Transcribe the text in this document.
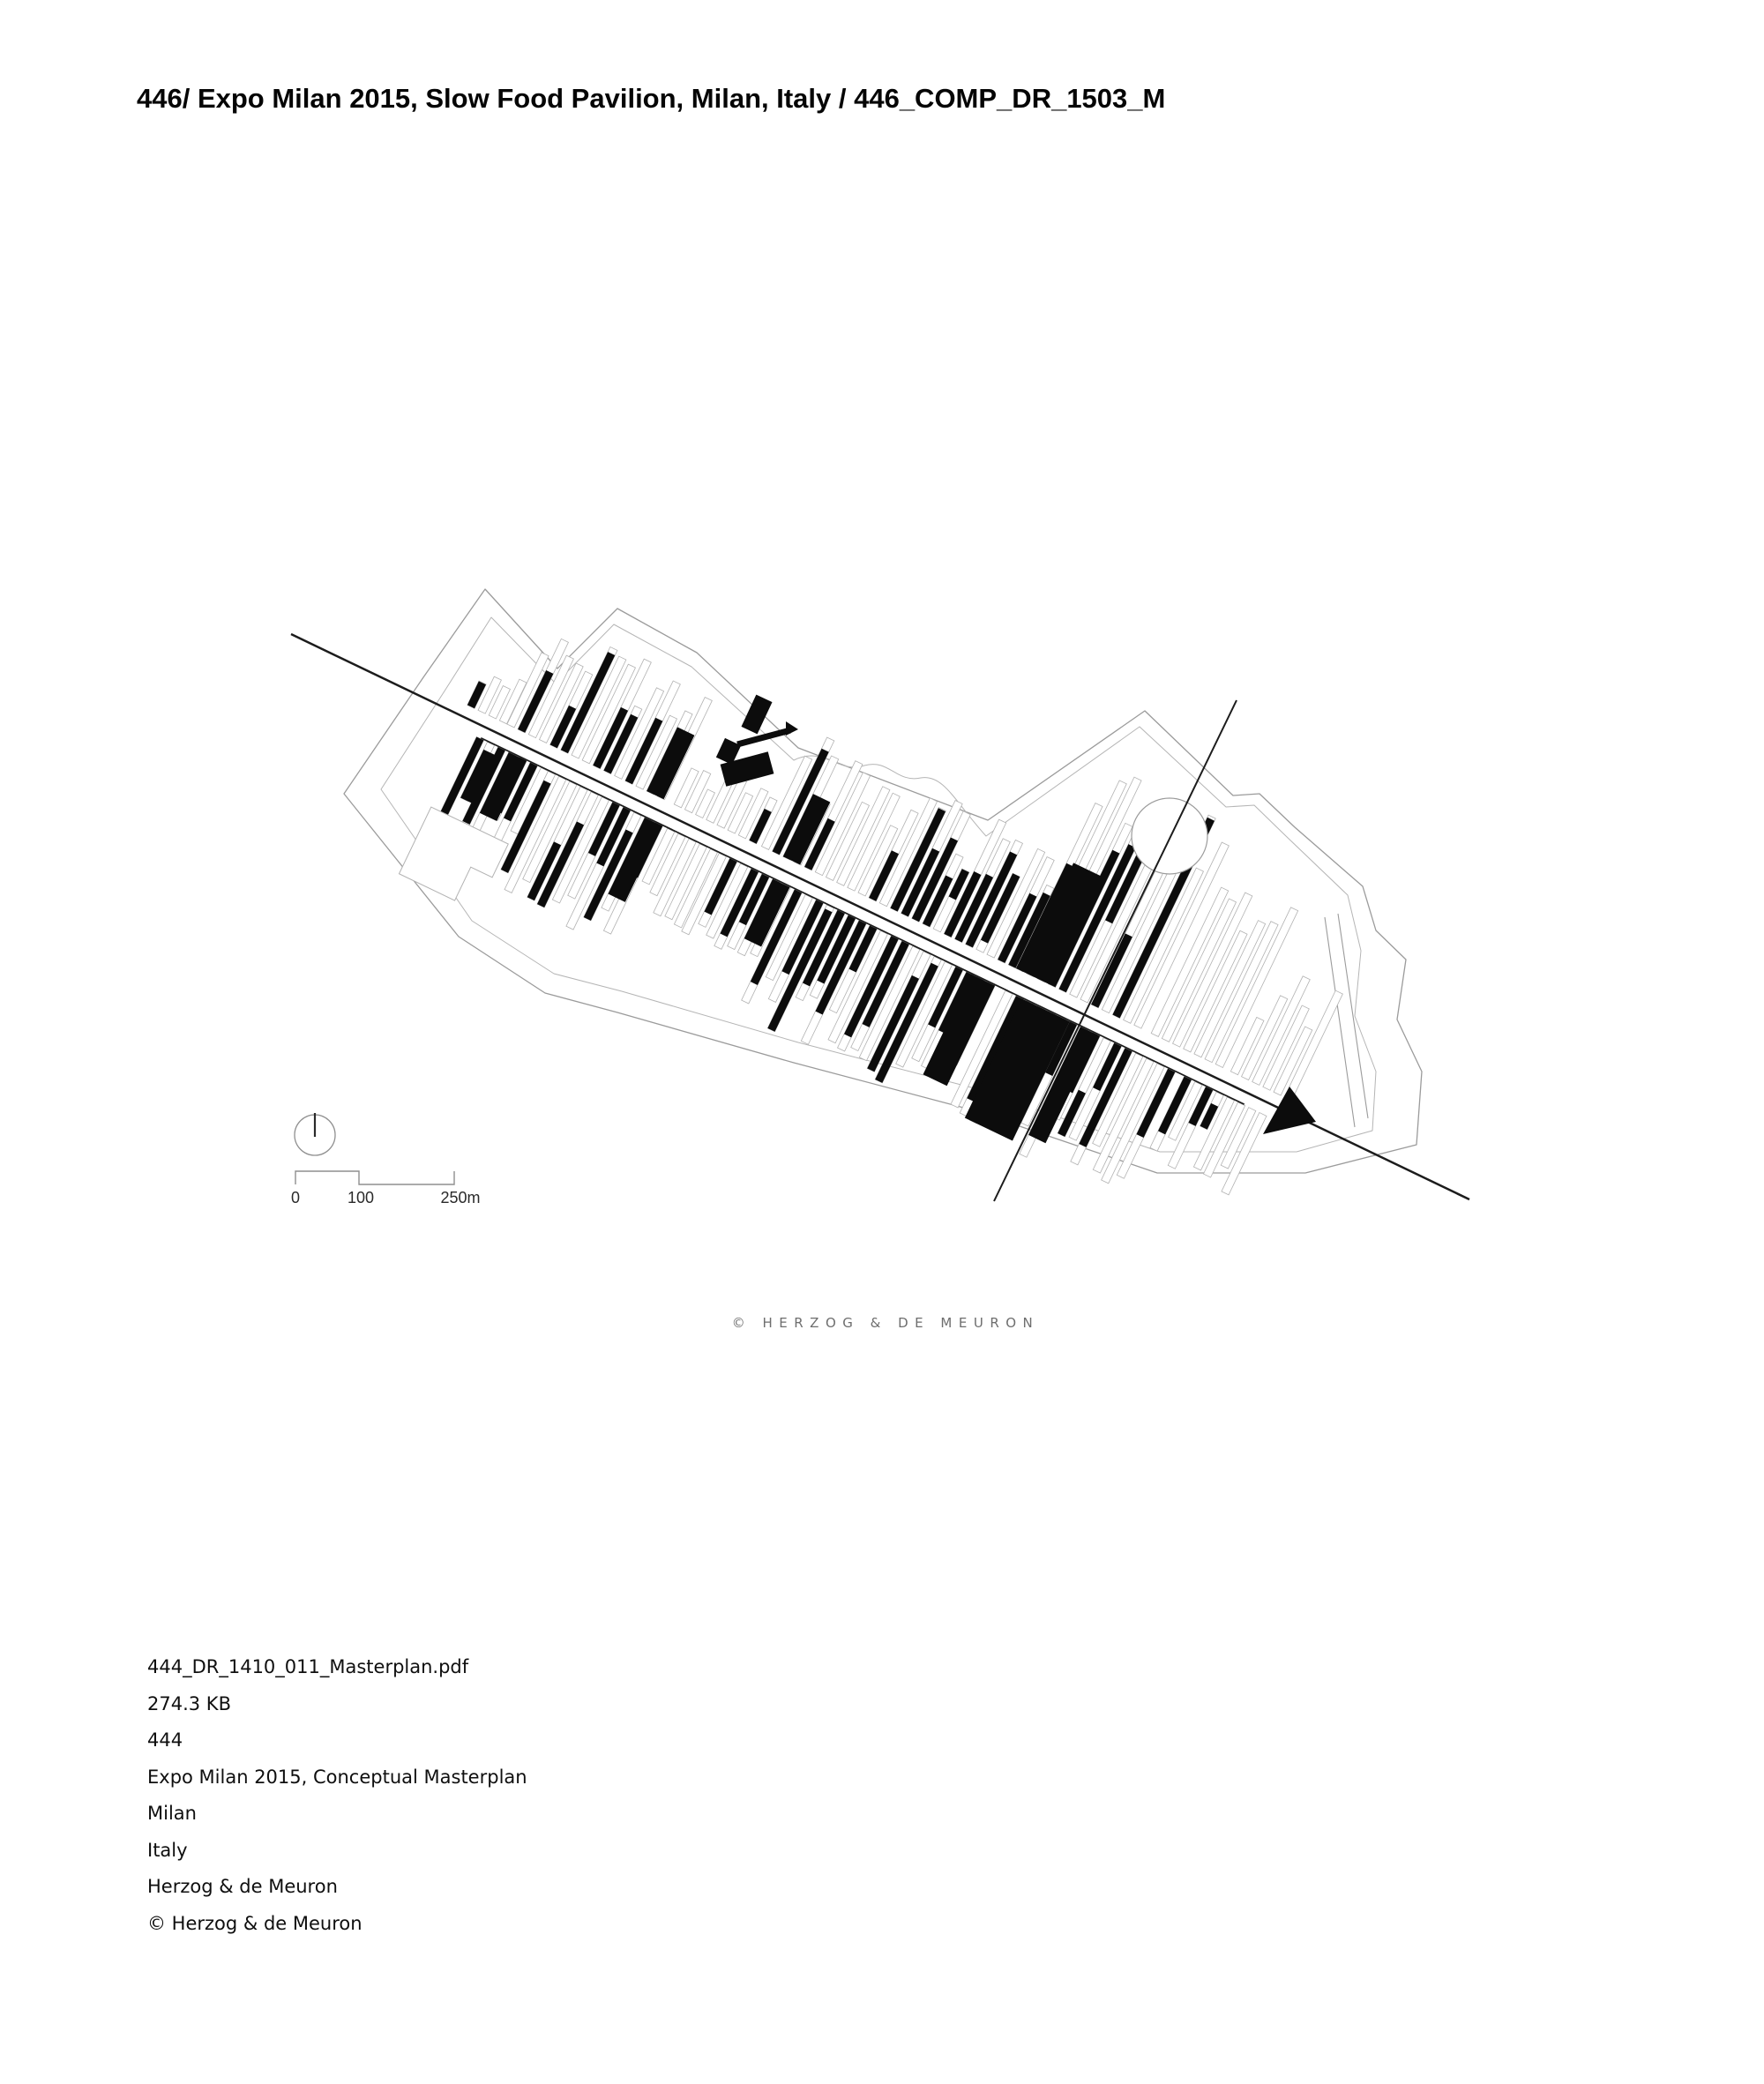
446/ Expo Milan 2015, Slow Food Pavilion, Milan, Italy / 446_COMP_DR_1503_M
0	100	250m
© HERZOG & DE MEURON
444_DR_1410_011_Masterplan.pdf
274.3 KB
444
Expo Milan 2015, Conceptual Masterplan
Milan
Italy
Herzog & de Meuron
© Herzog & de Meuron
